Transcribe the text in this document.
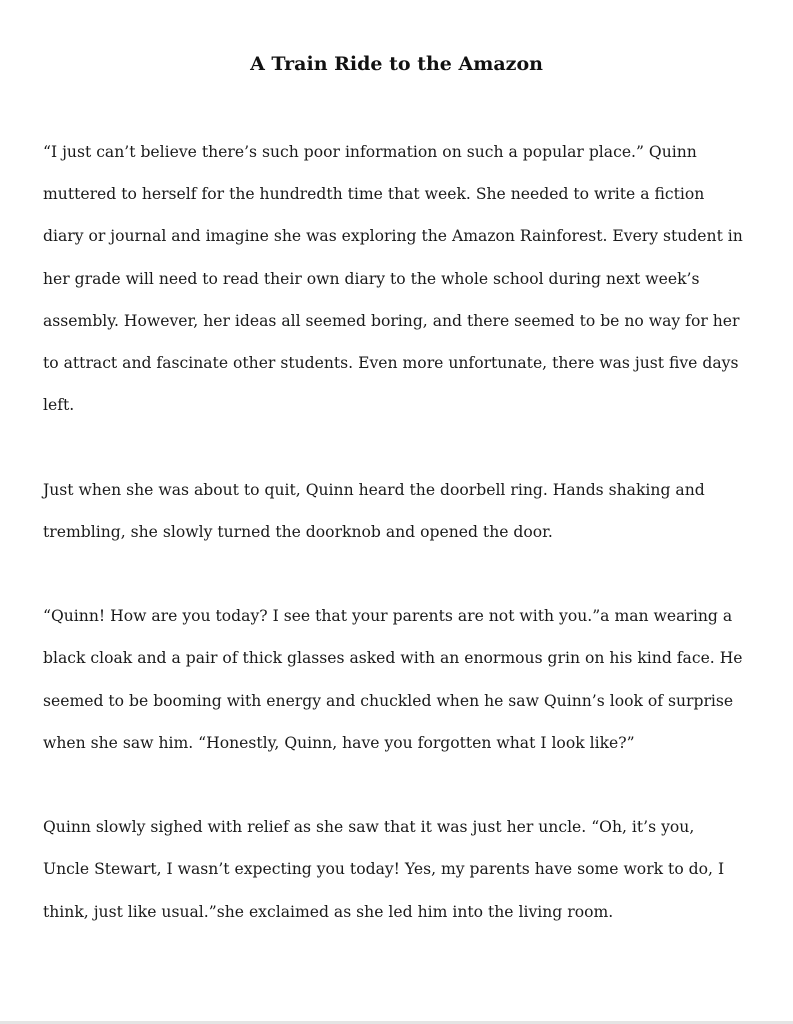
A Train Ride to the Amazon

“I just can’t believe there’s such poor information on such a popular place.” Quinn muttered to herself for the hundredth time that week. She needed to write a fiction diary or journal and imagine she was exploring the Amazon Rainforest. Every student in her grade will need to read their own diary to the whole school during next week’s assembly. However, her ideas all seemed boring, and there seemed to be no way for her to attract and fascinate other students. Even more unfortunate, there was just five days left.

Just when she was about to quit, Quinn heard the doorbell ring. Hands shaking and trembling, she slowly turned the doorknob and opened the door.

“Quinn! How are you today? I see that your parents are not with you.”a man wearing a black cloak and a pair of thick glasses asked with an enormous grin on his kind face. He seemed to be booming with energy and chuckled when he saw Quinn’s look of surprise when she saw him. “Honestly, Quinn, have you forgotten what I look like?”

Quinn slowly sighed with relief as she saw that it was just her uncle. “Oh, it’s you, Uncle Stewart, I wasn’t expecting you today! Yes, my parents have some work to do, I think, just like usual.”she exclaimed as she led him into the living room.
